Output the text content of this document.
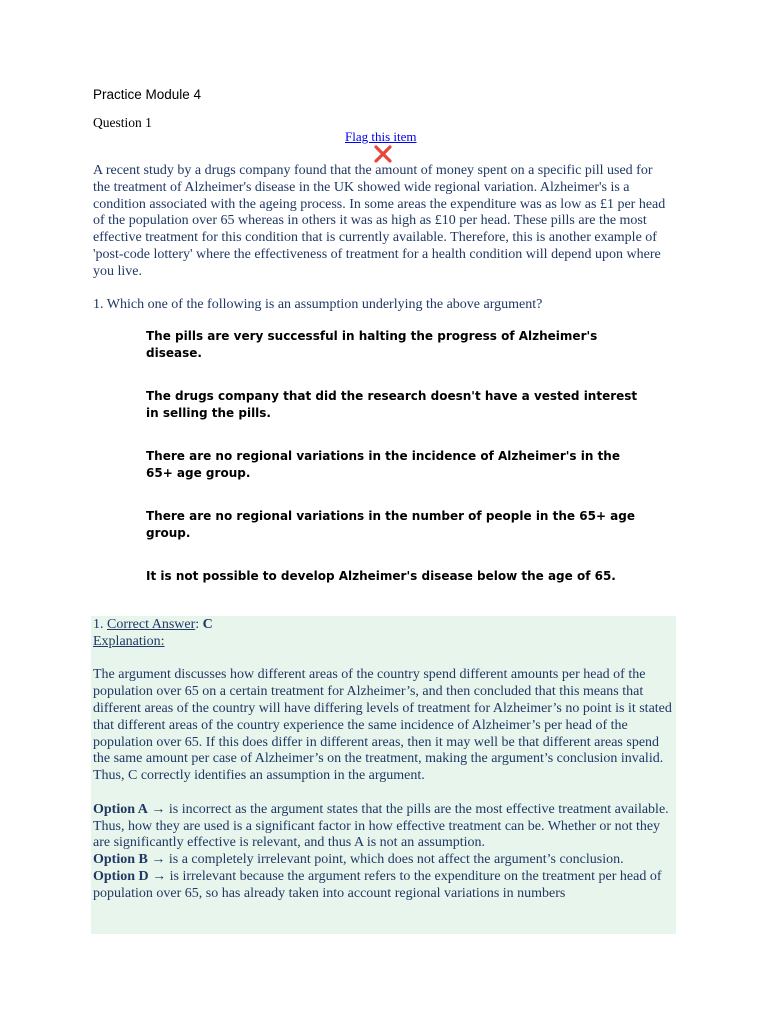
Practice Module 4
Question 1
Flag this item

A recent study by a drugs company found that the amount of money spent on a specific pill used for the treatment of Alzheimer's disease in the UK showed wide regional variation. Alzheimer's is a condition associated with the ageing process. In some areas the expenditure was as low as £1 per head of the population over 65 whereas in others it was as high as £10 per head. These pills are the most effective treatment for this condition that is currently available. Therefore, this is another example of 'post-code lottery' where the effectiveness of treatment for a health condition will depend upon where you live.

1. Which one of the following is an assumption underlying the above argument?

The pills are very successful in halting the progress of Alzheimer's disease.

The drugs company that did the research doesn't have a vested interest in selling the pills.

There are no regional variations in the incidence of Alzheimer's in the 65+ age group.

There are no regional variations in the number of people in the 65+ age group.

It is not possible to develop Alzheimer's disease below the age of 65.

1. Correct Answer: C

Explanation:

The argument discusses how different areas of the country spend different amounts per head of the population over 65 on a certain treatment for Alzheimer’s, and then concluded that this means that different areas of the country will have differing levels of treatment for Alzheimer’s no point is it stated that different areas of the country experience the same incidence of Alzheimer’s per head of the population over 65. If this does differ in different areas, then it may well be that different areas spend the same amount per case of Alzheimer’s on the treatment, making the argument’s conclusion invalid. Thus, C correctly identifies an assumption in the argument.

Option A → is incorrect as the argument states that the pills are the most effective treatment available. Thus, how they are used is a significant factor in how effective treatment can be. Whether or not they are significantly effective is relevant, and thus A is not an assumption.

Option B → is a completely irrelevant point, which does not affect the argument’s conclusion.

Option D → is irrelevant because the argument refers to the expenditure on the treatment per head of population over 65, so has already taken into account regional variations in numbers
